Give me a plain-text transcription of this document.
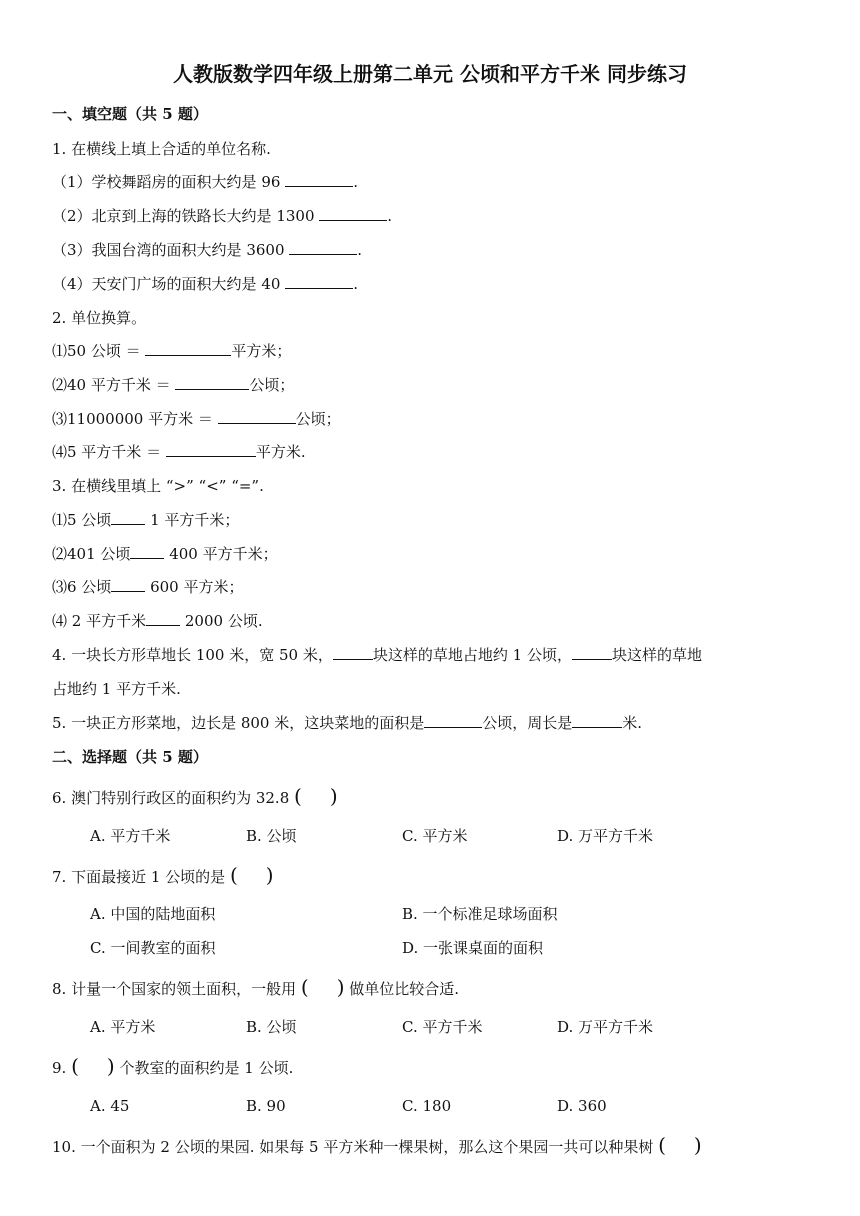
人教版数学四年级上册第二单元 公顷和平方千米 同步练习
一、填空题（共 5 题）
1. 在横线上填上合适的单位名称.
（1）学校舞蹈房的面积大约是 96	.
（2）北京到上海的铁路长大约是 1300	.
（3）我国台湾的面积大约是 3600	.
（4）天安门广场的面积大约是 40	.
2. 单位换算。
⑴50 公顷 ＝	平方米；
⑵40 平方千米 ＝	公顷；
⑶11000000 平方米 ＝	公顷；
⑷5 平方千米 ＝	平方米.
3. 在横线里填上 “>” “<” “=”.
⑴5 公顷	1 平方千米；
⑵401 公顷	400 平方千米；
⑶6 公顷	600 平方米；
⑷ 2 平方千米	2000 公顷.
4. 一块长方形草地长 100 米，宽 50 米，	块这样的草地占地约 1 公顷，	块这样的草地
占地约 1 平方千米.
5. 一块正方形菜地，边长是 800 米，这块菜地的面积是	公顷，周长是	米.
二、选择题（共 5 题）
6. 澳门特别行政区的面积约为 32.8 ( )
A. 平方千米	B. 公顷	C. 平方米	D. 万平方千米
7. 下面最接近 1 公顷的是 ( )
A. 中国的陆地面积	B. 一个标准足球场面积
C. 一间教室的面积	D. 一张课桌面的面积
8. 计量一个国家的领土面积，一般用 ( ) 做单位比较合适.
A. 平方米	B. 公顷	C. 平方千米	D. 万平方千米
9. ( ) 个教室的面积约是 1 公顷.
A. 45	B. 90	C. 180	D. 360
10. 一个面积为 2 公顷的果园. 如果每 5 平方米种一棵果树，那么这个果园一共可以种果树 ( )
